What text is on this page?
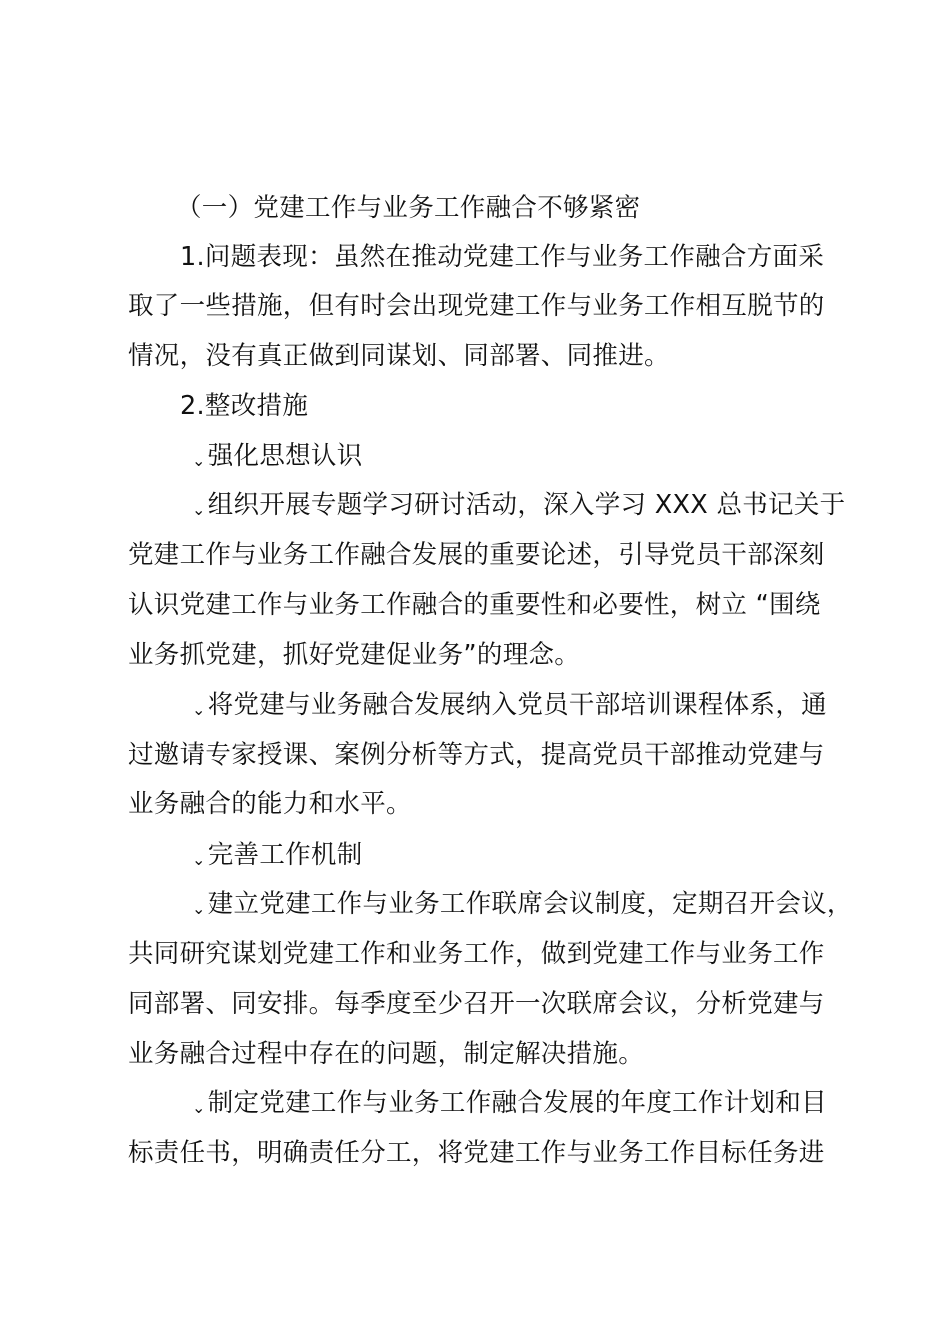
（一）党建工作与业务工作融合不够紧密
1.问题表现：虽然在推动党建工作与业务工作融合方面采
取了一些措施，但有时会出现党建工作与业务工作相互脱节的
情况，没有真正做到同谋划、同部署、同推进。
2.整改措施
⌄强化思想认识
⌄组织开展专题学习研讨活动，深入学习 XXX 总书记关于
党建工作与业务工作融合发展的重要论述，引导党员干部深刻
认识党建工作与业务工作融合的重要性和必要性，树立 “围绕
业务抓党建，抓好党建促业务”的理念。
⌄将党建与业务融合发展纳入党员干部培训课程体系，通
过邀请专家授课、案例分析等方式，提高党员干部推动党建与
业务融合的能力和水平。
⌄完善工作机制
⌄建立党建工作与业务工作联席会议制度，定期召开会议，
共同研究谋划党建工作和业务工作，做到党建工作与业务工作
同部署、同安排。每季度至少召开一次联席会议，分析党建与
业务融合过程中存在的问题，制定解决措施。
⌄制定党建工作与业务工作融合发展的年度工作计划和目
标责任书，明确责任分工，将党建工作与业务工作目标任务进
